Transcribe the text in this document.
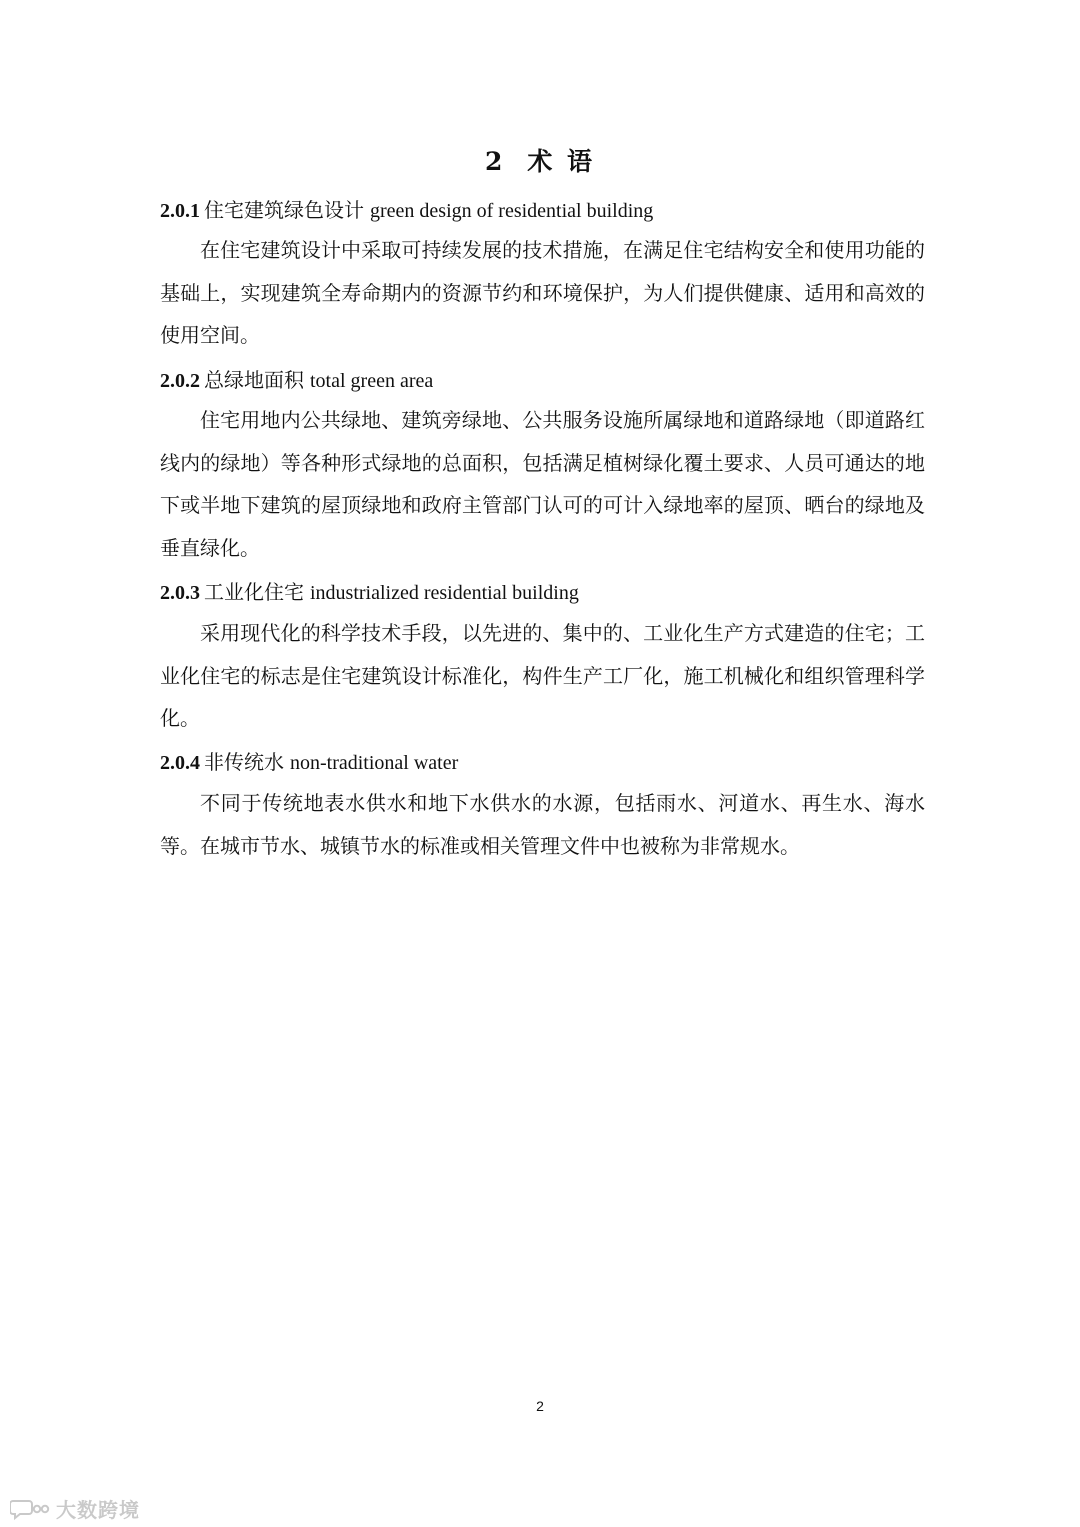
2 术 语
2.0.1 住宅建筑绿色设计 green design of residential building
在住宅建筑设计中采取可持续发展的技术措施，在满足住宅结构安全和使用功能的基础上，实现建筑全寿命期内的资源节约和环境保护，为人们提供健康、适用和高效的使用空间。
2.0.2 总绿地面积 total green area
住宅用地内公共绿地、建筑旁绿地、公共服务设施所属绿地和道路绿地（即道路红线内的绿地）等各种形式绿地的总面积，包括满足植树绿化覆土要求、人员可通达的地下或半地下建筑的屋顶绿地和政府主管部门认可的可计入绿地率的屋顶、晒台的绿地及垂直绿化。
2.0.3 工业化住宅 industrialized residential building
采用现代化的科学技术手段，以先进的、集中的、工业化生产方式建造的住宅；工业化住宅的标志是住宅建筑设计标准化，构件生产工厂化，施工机械化和组织管理科学化。
2.0.4 非传统水 non-traditional water
不同于传统地表水供水和地下水供水的水源，包括雨水、河道水、再生水、海水等。在城市节水、城镇节水的标准或相关管理文件中也被称为非常规水。
2
大数跨境
